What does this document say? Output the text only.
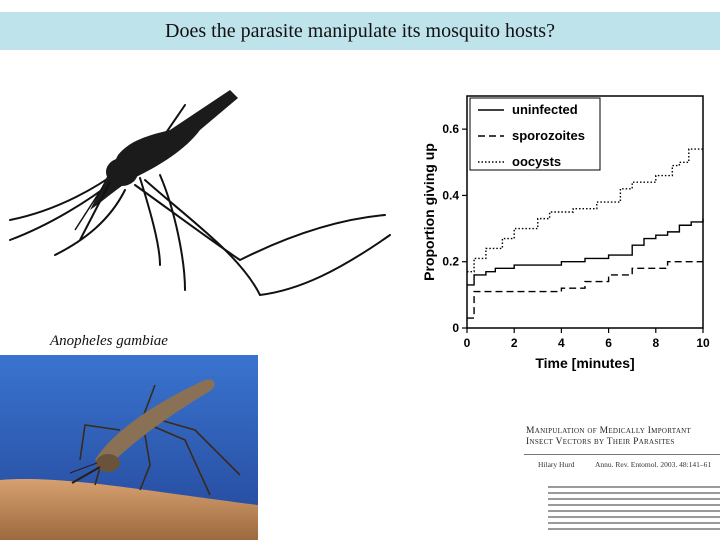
Does the parasite manipulate its mosquito hosts?
Anopheles gambiae	0	2	4	6	8	10
0
0.2
0.4
0.6
Time [minutes]
Proportion giving up
uninfected
sporozoites
oocysts
Manipulation of Medically Important
Insect Vectors by Their Parasites
Hilary Hurd	Annu. Rev. Entomol. 2003. 48:141–61
